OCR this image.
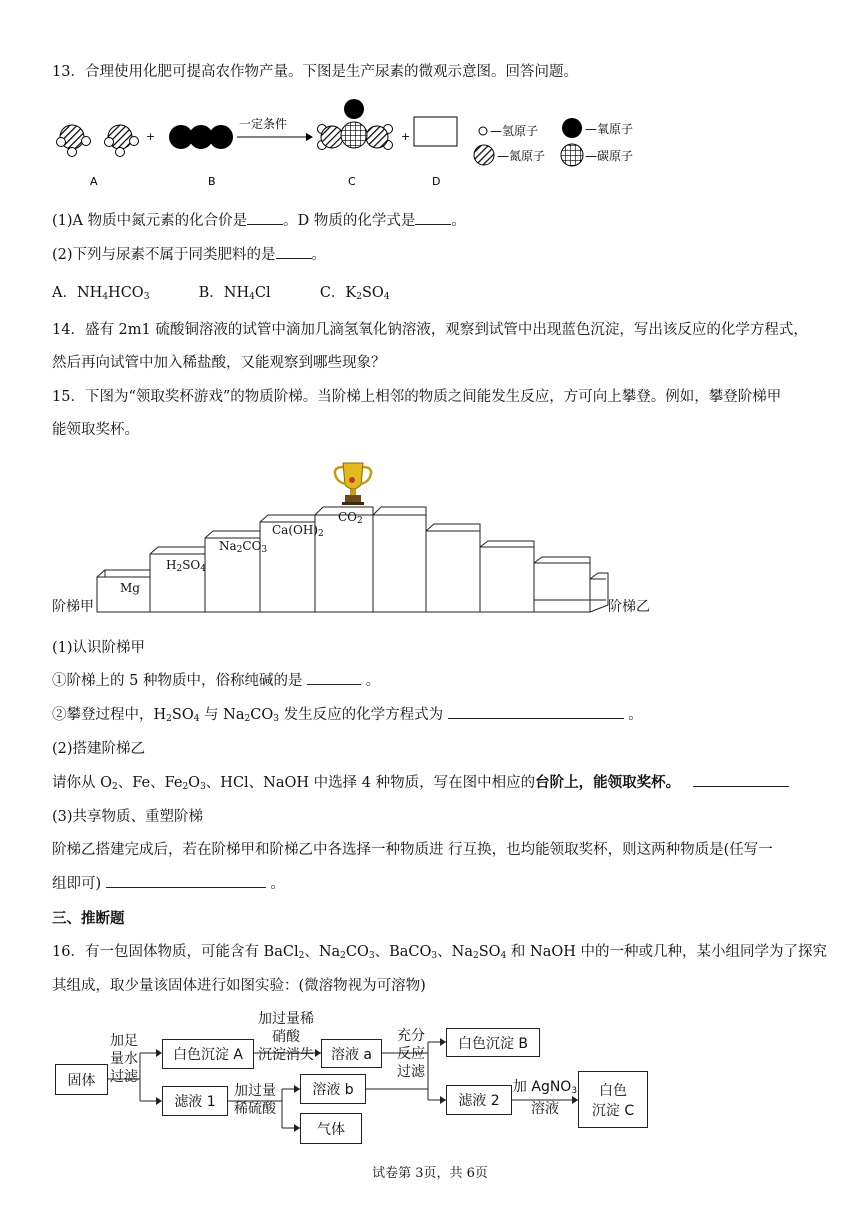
13．合理使用化肥可提高农作物产量。下图是生产尿素的微观示意图。回答问题。
+
一定条件
+
A	B	C	D
—氢原子	—氧原子
—氮原子	—碳原子
(1)A 物质中氮元素的化合价是 。D 物质的化学式是 。
(2)下列与尿素不属于同类肥料的是 。
A．$NH_4HCO_3$	B．$NH_4Cl$	C．$K_2SO_4$
14．盛有 2m1 硫酸铜溶液的试管中滴加几滴氢氧化钠溶液，观察到试管中出现蓝色沉淀，写出该反应的化学方程式，
然后再向试管中加入稀盐酸，又能观察到哪些现象？
15．下图为“领取奖杯游戏”的物质阶梯。当阶梯上相邻的物质之间能发生反应，方可向上攀登。例如，攀登阶梯甲
能领取奖杯。
阶梯甲	阶梯乙
Mg
$H_2SO_4$
$Na_2CO_3$
$Ca(OH)_2$
$CO_2$
(1)认识阶梯甲
①阶梯上的 5 种物质中，俗称纯碱的是	。
②攀登过程中，$H_2SO_4$ 与 $Na_2CO_3$ 发生反应的化学方程式为	。
(2)搭建阶梯乙
请你从 $O_2$、Fe、$Fe_2O_3$、HCl、NaOH 中选择 4 种物质，写在图中相应的台阶上，能领取奖杯。
(3)共享物质、重塑阶梯
阶梯乙搭建完成后，若在阶梯甲和阶梯乙中各选择一种物质进 行互换，也均能领取奖杯，则这两种物质是(任写一
组即可)	。
三、推断题
16．有一包固体物质，可能含有 BaCl$_2$、$Na_2CO_3$、BaCO$_3$、$Na_2SO_4$ 和 NaOH 中的一种或几种，某小组同学为了探究
其组成，取少量该固体进行如图实验：(微溶物视为可溶物)
固体
加足
量水
过滤
白色沉淀 A
滤液 1
加过量稀
硝酸
沉淀消失	溶液 a
加过量
稀硫酸
溶液 b
气体
充分
反应
过滤
白色沉淀 B
滤液 2
加 AgNO$_3$
溶液
白色
沉淀 C
试卷第 3页，共 6页
